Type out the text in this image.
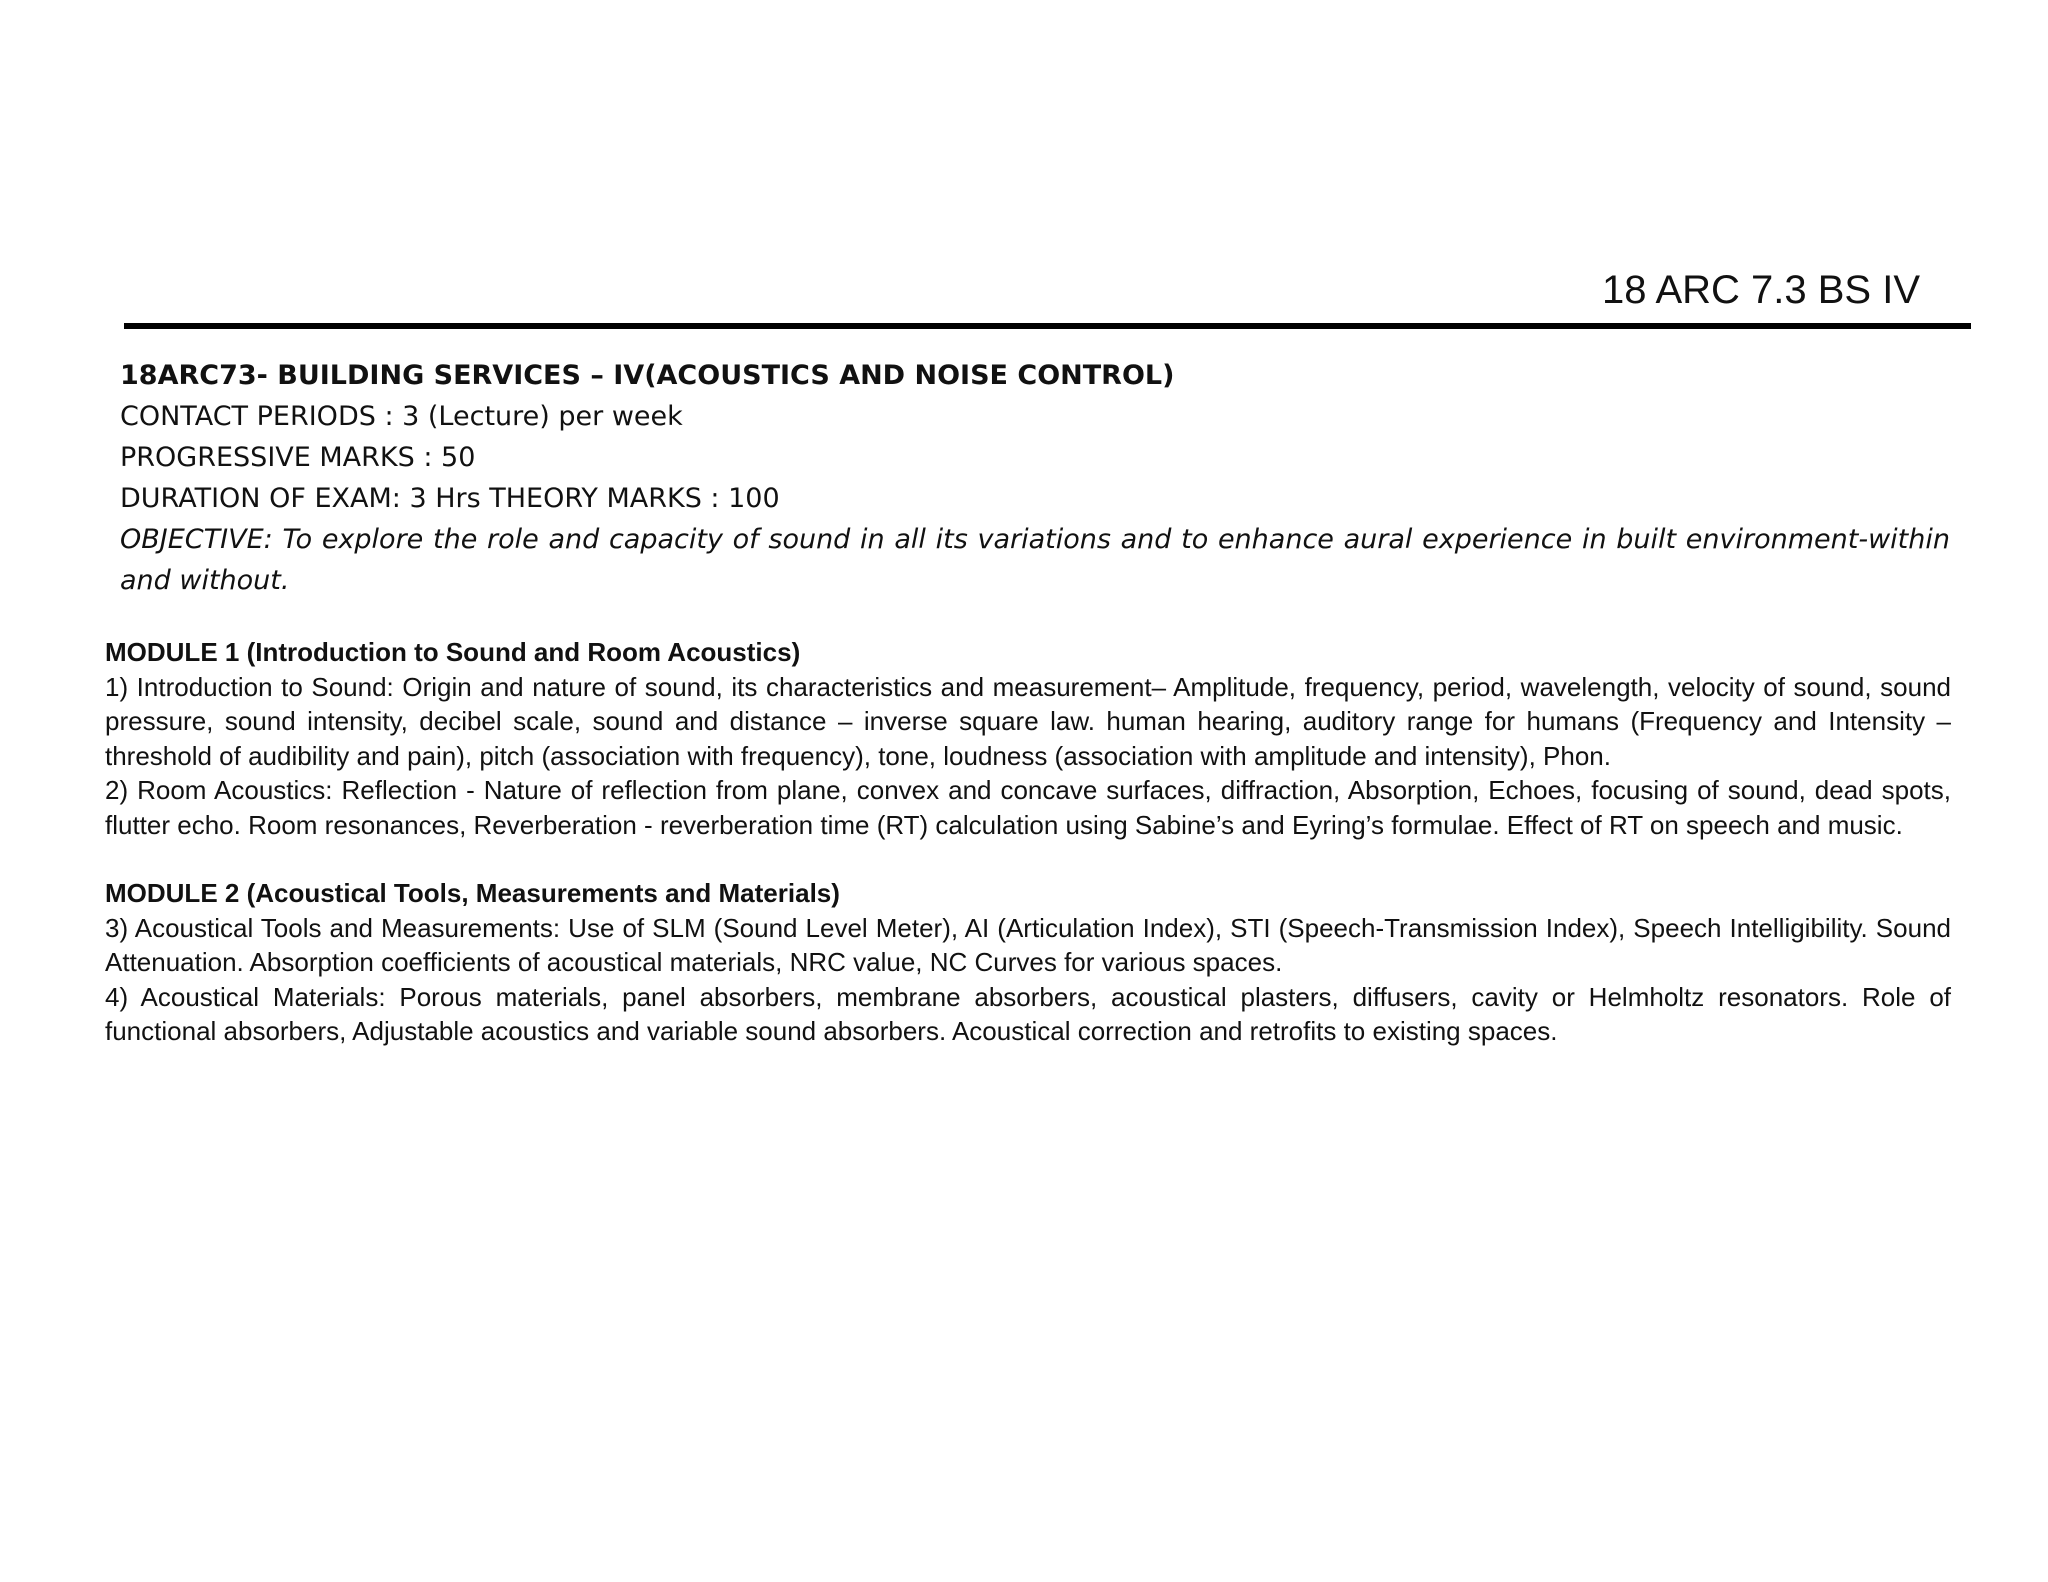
18 ARC 7.3 BS IV
18ARC73- BUILDING SERVICES – IV(ACOUSTICS AND NOISE CONTROL)
CONTACT PERIODS : 3 (Lecture) per week
PROGRESSIVE MARKS : 50
DURATION OF EXAM: 3 Hrs THEORY MARKS : 100
OBJECTIVE: To explore the role and capacity of sound in all its variations and to enhance aural experience in built environment-within and without.
MODULE 1 (Introduction to Sound and Room Acoustics)

1) Introduction to Sound: Origin and nature of sound, its characteristics and measurement– Amplitude, frequency, period, wavelength, velocity of sound, sound pressure, sound intensity, decibel scale, sound and distance – inverse square law. human hearing, auditory range for humans (Frequency and Intensity – threshold of audibility and pain), pitch (association with frequency), tone, loudness (association with amplitude and intensity), Phon.

2) Room Acoustics: Reflection - Nature of reflection from plane, convex and concave surfaces, diffraction, Absorption, Echoes, focusing of sound, dead spots, flutter echo. Room resonances, Reverberation - reverberation time (RT) calculation using Sabine’s and Eyring’s formulae. Effect of RT on speech and music.

MODULE 2 (Acoustical Tools, Measurements and Materials)

3) Acoustical Tools and Measurements: Use of SLM (Sound Level Meter), AI (Articulation Index), STI (Speech-Transmission Index), Speech Intelligibility. Sound Attenuation. Absorption coefficients of acoustical materials, NRC value, NC Curves for various spaces.

4) Acoustical Materials: Porous materials, panel absorbers, membrane absorbers, acoustical plasters, diffusers, cavity or Helmholtz resonators. Role of functional absorbers, Adjustable acoustics and variable sound absorbers. Acoustical correction and retrofits to existing spaces.
